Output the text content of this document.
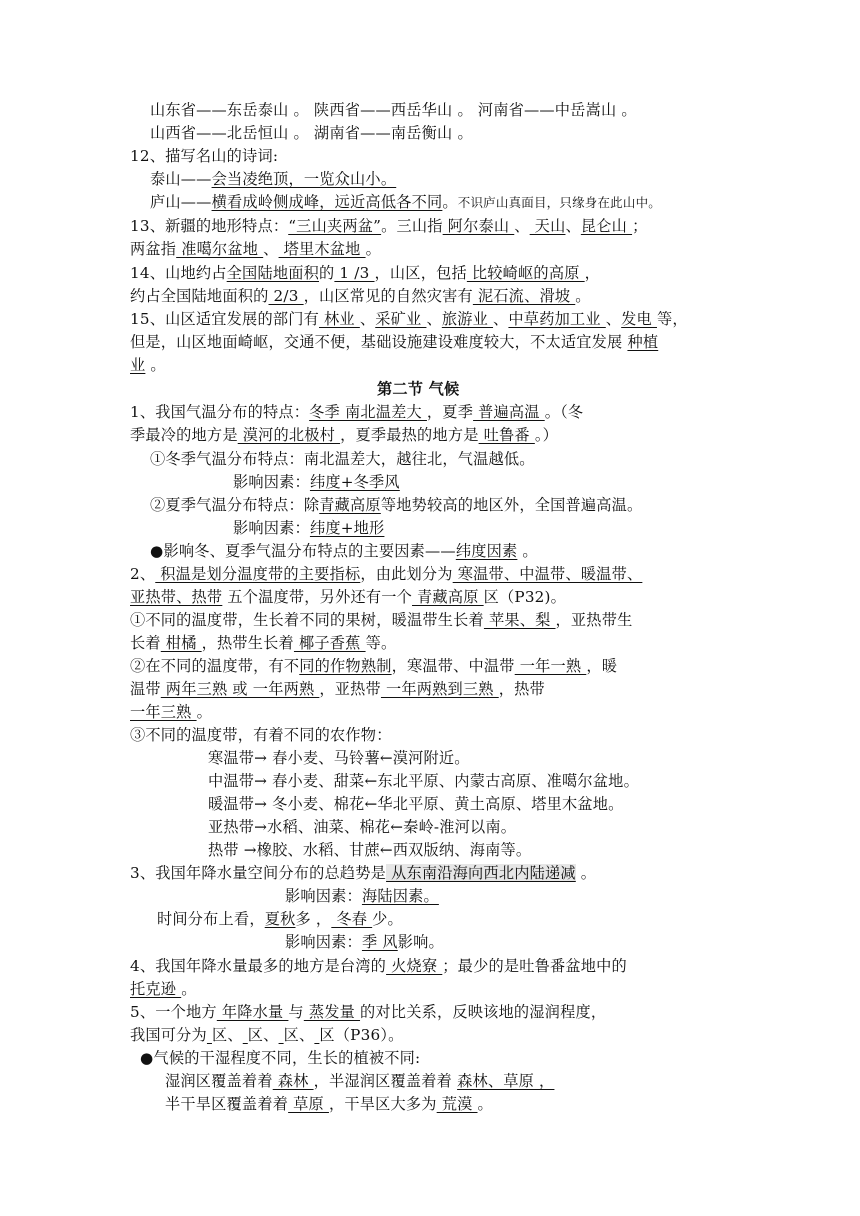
山东省——东岳泰山 。 陕西省——西岳华山 。 河南省——中岳嵩山 。
山西省——北岳恒山 。 湖南省——南岳衡山 。
12、描写名山的诗词:
泰山——会当凌绝顶，一览众山小。
庐山——横看成岭侧成峰，远近高低各不同。不识庐山真面目，只缘身在此山中。
13、新疆的地形特点：“三山夹两盆”。三山指 阿尔泰山 、 天山、昆仑山 ；
两盆指 准噶尔盆地 、 塔里木盆地 。
14、山地约占全国陆地面积的 1 /3 ，山区，包括 比较崎岖的高原 ，
约占全国陆地面积的 2/3 ，山区常见的自然灾害有 泥石流、滑坡 。
15、山区适宜发展的部门有 林业 、采矿业 、旅游业 、中草药加工业 、发电 等，
但是，山区地面崎岖，交通不便，基础设施建设难度较大，不太适宜发展 种植
业 。
第二节 气候
1、我国气温分布的特点：冬季 南北温差大 ，夏季 普遍高温 。（冬
季最冷的地方是 漠河的北极村 ，夏季最热的地方是 吐鲁番 。）
①冬季气温分布特点：南北温差大，越往北，气温越低。
影响因素：纬度+冬季风
②夏季气温分布特点：除青藏高原等地势较高的地区外，全国普遍高温。
影响因素：纬度+地形
●影响冬、夏季气温分布特点的主要因素——纬度因素 。
2、 积温是划分温度带的主要指标，由此划分为 寒温带、中温带、暖温带、
亚热带、热带 五个温度带，另外还有一个 青藏高原 区（P32)。
①不同的温度带，生长着不同的果树，暖温带生长着 苹果、梨 ，亚热带生
长着 柑橘 ，热带生长着 椰子香蕉 等。
②在不同的温度带，有不同的作物熟制，寒温带、中温带 一年一熟 ，暖
温带 两年三熟 或 一年两熟 ，亚热带 一年两熟到三熟 ，热带
一年三熟 。
③不同的温度带，有着不同的农作物：
寒温带→ 春小麦、马铃薯←漠河附近。
中温带→ 春小麦、甜菜←东北平原、内蒙古高原、准噶尔盆地。
暖温带→ 冬小麦、棉花←华北平原、黄土高原、塔里木盆地。
亚热带→水稻、油菜、棉花←秦岭-淮河以南。
热带 →橡胶、水稻、甘蔗←西双版纳、海南等。
3、我国年降水量空间分布的总趋势是 从东南沿海向西北内陆递减 。
影响因素：海陆因素。
时间分布上看，夏秋多 ， 冬春 少。
影响因素：季 风影响。
4、我国年降水量最多的地方是台湾的 火烧寮 ；最少的是吐鲁番盆地中的
托克逊 。
5、一个地方 年降水量 与 蒸发量 的对比关系，反映该地的湿润程度，
我国可分为 区、 区、 区、 区（P36）。
●气候的干湿程度不同，生长的植被不同:
湿润区覆盖着着 森林 ，半湿润区覆盖着着 森林、草原 ，
半干旱区覆盖着着 草原 ，干旱区大多为 荒漠 。
